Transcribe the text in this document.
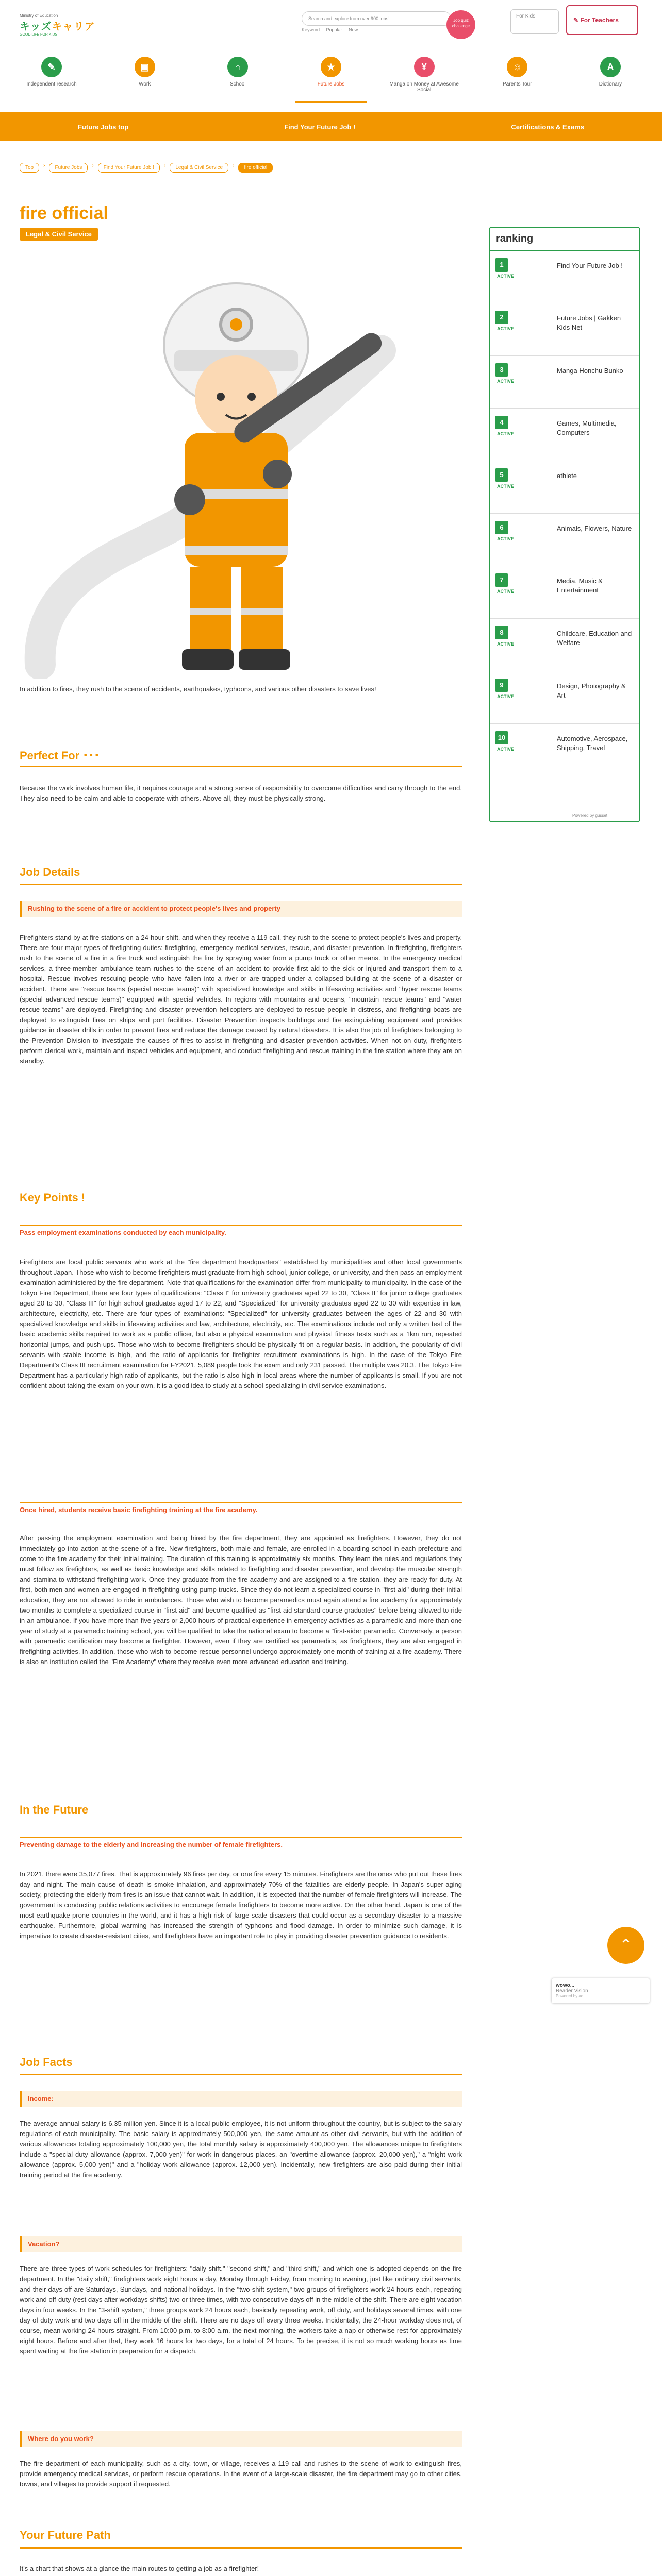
Ministry of Education
キッズキャリア
GOOD LIFE FOR KIDS
Search and explore from over 900 jobs!
Keyword Popular New
Job quiz challenge
For Kids
✎ For Teachers
✎
Independent research
▣
Work
⌂
School
★
Future Jobs
¥
Manga on Money at Awesome Social
☺
Parents Tour
A
Dictionary
Future Jobs top	Find Your Future Job !	Certifications & Exams
Top	›	Future Jobs	›	Find Your Future Job !	›	Legal & Civil Service	›	fire official
fire official
Legal & Civil Service
In addition to fires, they rush to the scene of accidents, earthquakes, typhoons, and various other disasters to save lives!
Perfect For ･･･
Because the work involves human life, it requires courage and a strong sense of responsibility to overcome difficulties and carry through to the end. They also need to be calm and able to cooperate with others. Above all, they must be physically strong.
Job Details
Rushing to the scene of a fire or accident to protect people's lives and property
Firefighters stand by at fire stations on a 24-hour shift, and when they receive a 119 call, they rush to the scene to protect people's lives and property. There are four major types of firefighting duties: firefighting, emergency medical services, rescue, and disaster prevention. In firefighting, firefighters rush to the scene of a fire in a fire truck and extinguish the fire by spraying water from a pump truck or other means. In the emergency medical services, a three-member ambulance team rushes to the scene of an accident to provide first aid to the sick or injured and transport them to a hospital. Rescue involves rescuing people who have fallen into a river or are trapped under a collapsed building at the scene of a disaster or accident. There are "rescue teams (special rescue teams)" with specialized knowledge and skills in lifesaving activities and "hyper rescue teams (special advanced rescue teams)" equipped with special vehicles. In regions with mountains and oceans, "mountain rescue teams" and "water rescue teams" are deployed. Firefighting and disaster prevention helicopters are deployed to rescue people in distress, and firefighting boats are deployed to extinguish fires on ships and port facilities. Disaster Prevention inspects buildings and fire extinguishing equipment and provides guidance in disaster drills in order to prevent fires and reduce the damage caused by natural disasters. It is also the job of firefighters belonging to the Prevention Division to investigate the causes of fires to assist in firefighting and disaster prevention activities. When not on duty, firefighters perform clerical work, maintain and inspect vehicles and equipment, and conduct firefighting and rescue training in the fire station where they are on standby.
Key Points !
Pass employment examinations conducted by each municipality.
Firefighters are local public servants who work at the "fire department headquarters" established by municipalities and other local governments throughout Japan. Those who wish to become firefighters must graduate from high school, junior college, or university, and then pass an employment examination administered by the fire department. Note that qualifications for the examination differ from municipality to municipality. In the case of the Tokyo Fire Department, there are four types of qualifications: "Class I" for university graduates aged 22 to 30, "Class II" for junior college graduates aged 20 to 30, "Class III" for high school graduates aged 17 to 22, and "Specialized" for university graduates aged 22 to 30 with expertise in law, architecture, electricity, etc. There are four types of examinations: "Specialized" for university graduates between the ages of 22 and 30 with specialized knowledge and skills in lifesaving activities and law, architecture, electricity, etc. The examinations include not only a written test of the basic academic skills required to work as a public officer, but also a physical examination and physical fitness tests such as a 1km run, repeated horizontal jumps, and push-ups. Those who wish to become firefighters should be physically fit on a regular basis. In addition, the popularity of civil servants with stable income is high, and the ratio of applicants for firefighter recruitment examinations is high. In the case of the Tokyo Fire Department's Class III recruitment examination for FY2021, 5,089 people took the exam and only 231 passed. The multiple was 20.3. The Tokyo Fire Department has a particularly high ratio of applicants, but the ratio is also high in local areas where the number of applicants is small. If you are not confident about taking the exam on your own, it is a good idea to study at a school specializing in civil service examinations.
Once hired, students receive basic firefighting training at the fire academy.
After passing the employment examination and being hired by the fire department, they are appointed as firefighters. However, they do not immediately go into action at the scene of a fire. New firefighters, both male and female, are enrolled in a boarding school in each prefecture and come to the fire academy for their initial training. The duration of this training is approximately six months. They learn the rules and regulations they must follow as firefighters, as well as basic knowledge and skills related to firefighting and disaster prevention, and develop the muscular strength and stamina to withstand firefighting work. Once they graduate from the fire academy and are assigned to a fire station, they are ready for duty. At first, both men and women are engaged in firefighting using pump trucks. Since they do not learn a specialized course in "first aid" during their initial education, they are not allowed to ride in ambulances. Those who wish to become paramedics must again attend a fire academy for approximately two months to complete a specialized course in "first aid" and become qualified as "first aid standard course graduates" before being allowed to ride in an ambulance. If you have more than five years or 2,000 hours of practical experience in emergency activities as a paramedic and more than one year of study at a paramedic training school, you will be qualified to take the national exam to become a "first-aider paramedic. Conversely, a person with paramedic certification may become a firefighter. However, even if they are certified as paramedics, as firefighters, they are also engaged in firefighting activities. In addition, those who wish to become rescue personnel undergo approximately one month of training at a fire academy. There is also an institution called the "Fire Academy" where they receive even more advanced education and training.
In the Future
Preventing damage to the elderly and increasing the number of female firefighters.
In 2021, there were 35,077 fires. That is approximately 96 fires per day, or one fire every 15 minutes. Firefighters are the ones who put out these fires day and night. The main cause of death is smoke inhalation, and approximately 70% of the fatalities are elderly people. In Japan's super-aging society, protecting the elderly from fires is an issue that cannot wait. In addition, it is expected that the number of female firefighters will increase. The government is conducting public relations activities to encourage female firefighters to become more active. On the other hand, Japan is one of the most earthquake-prone countries in the world, and it has a high risk of large-scale disasters that could occur as a secondary disaster to a massive earthquake. Furthermore, global warming has increased the strength of typhoons and flood damage. In order to minimize such damage, it is imperative to create disaster-resistant cities, and firefighters have an important role to play in providing disaster prevention guidance to residents.
Job Facts
Income:
The average annual salary is 6.35 million yen. Since it is a local public employee, it is not uniform throughout the country, but is subject to the salary regulations of each municipality. The basic salary is approximately 500,000 yen, the same amount as other civil servants, but with the addition of various allowances totaling approximately 100,000 yen, the total monthly salary is approximately 400,000 yen. The allowances unique to firefighters include a "special duty allowance (approx. 7,000 yen)" for work in dangerous places, an "overtime allowance (approx. 20,000 yen)," a "night work allowance (approx. 5,000 yen)" and a "holiday work allowance (approx. 12,000 yen). Incidentally, new firefighters are also paid during their initial training period at the fire academy.
Vacation?
There are three types of work schedules for firefighters: "daily shift," "second shift," and "third shift," and which one is adopted depends on the fire department. In the "daily shift," firefighters work eight hours a day, Monday through Friday, from morning to evening, just like ordinary civil servants, and their days off are Saturdays, Sundays, and national holidays. In the "two-shift system," two groups of firefighters work 24 hours each, repeating work and off-duty (rest days after workdays shifts) two or three times, with two consecutive days off in the middle of the shift. There are eight vacation days in four weeks. In the "3-shift system," three groups work 24 hours each, basically repeating work, off duty, and holidays several times, with one day of duty work and two days off in the middle of the shift. There are no days off every three weeks. Incidentally, the 24-hour workday does not, of course, mean working 24 hours straight. From 10:00 p.m. to 8:00 a.m. the next morning, the workers take a nap or otherwise rest for approximately eight hours. Before and after that, they work 16 hours for two days, for a total of 24 hours. To be precise, it is not so much working hours as time spent waiting at the fire station in preparation for a dispatch.
Where do you work?
The fire department of each municipality, such as a city, town, or village, receives a 119 call and rushes to the scene of work to extinguish fires, provide emergency medical services, or perform rescue operations. In the event of a large-scale disaster, the fire department may go to other cities, towns, and villages to provide support if requested.
Your Future Path
It's a chart that shows at a glance the main routes to getting a job as a firefighter!
ranking
1
ACTIVE
Find Your Future Job !
2
ACTIVE
Future Jobs | Gakken Kids Net
3
ACTIVE
Manga Honchu Bunko
4
ACTIVE
Games, Multimedia, Computers
5
ACTIVE
athlete
6
ACTIVE
Animals, Flowers, Nature
7
ACTIVE
Media, Music & Entertainment
8
ACTIVE
Childcare, Education and Welfare
9
ACTIVE
Design, Photography & Art
10
ACTIVE
Automotive, Aerospace, Shipping, Travel
Powered by gusset
⌃
wowo...
Reader Vision
Powered by ad
